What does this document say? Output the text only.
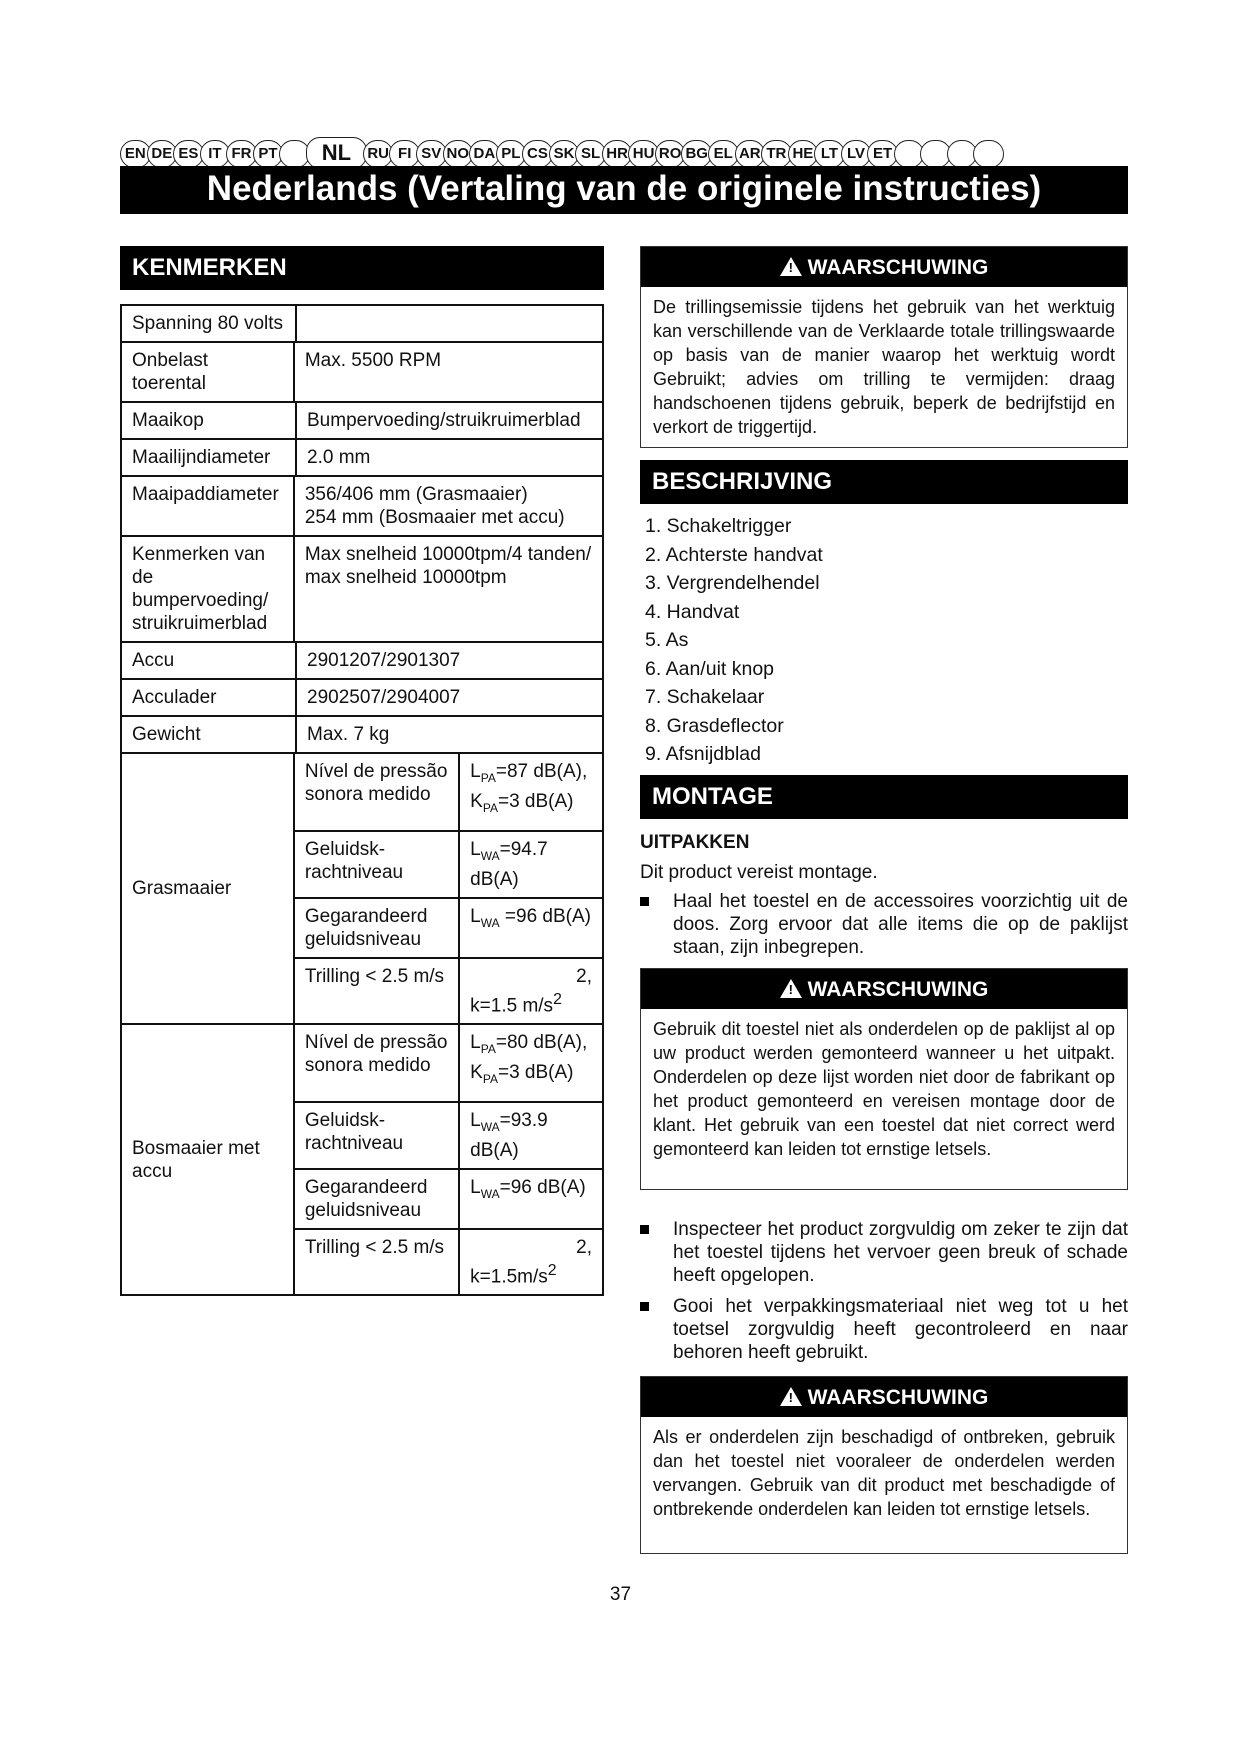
EN DE ES IT FR PT	NL	RU FI SV NO DA PL CS SK SL HR HU RO BG EL AR TR HE LT LV ET
Nederlands (Vertaling van de originele instructies)
KENMERKEN
Spanning 80 volts		

Onbelast toerental	Max. 5500 RPM	

Maaikop Bumpervoeding/struikruimerblad		

Maailijndiameter 2.0 mm		

Maaipaddiameter	356/406 mm (Grasmaaier)
254 mm (Bosmaaier met accu)	
Kenmerken van de bumpervoeding/ struikruimerblad	Max snelheid 10000tpm/4 tanden/
max snelheid 10000tpm	

Accu 2901207/2901307		

Acculader 2902507/2904007		

Gewicht Max. 7 kg		

Grasmaaier	Nível de pressão sonora medido	$L_{PA}=87$ dB(A),
$K_{PA}=3$ dB(A)
	Geluidsk-rachtniveau	$L_{WA}=94.7$ dB(A)
	Gegarandeerd geluidsniveau	$L_{WA} =96$ dB(A)
	Trilling < 2.5 m/s	2,

k=1.5 $m/s^2$

Bosmaaier met accu	Nível de pressão sonora medido	$L_{PA}=80$ dB(A),
$K_{PA}=3$ dB(A)
	Geluidsk-rachtniveau	$L_{WA}=93.9$ dB(A)
	Gegarandeerd geluidsniveau	$L_{WA}=96$ dB(A)
	Trilling < 2.5 m/s	2,

$k=1.5m/s^2$
! WAARSCHUWING
De trillingsemissie tijdens het gebruik van het werktuig kan verschillende van de Verklaarde totale trillingswaarde op basis van de manier waarop het werktuig wordt Gebruikt; advies om trilling te vermijden: draag handschoenen tijdens gebruik, beperk de bedrijfstijd en verkort de triggertijd.
BESCHRIJVING
1. Schakeltrigger
2. Achterste handvat
3. Vergrendelhendel
4. Handvat
5. As
6. Aan/uit knop
7. Schakelaar
8. Grasdeflector
9. Afsnijdblad
MONTAGE
UITPAKKEN
Dit product vereist montage.
Haal het toestel en de accessoires voorzichtig uit de doos. Zorg ervoor dat alle items die op de paklijst staan, zijn inbegrepen.
! WAARSCHUWING
Gebruik dit toestel niet als onderdelen op de paklijst al op uw product werden gemonteerd wanneer u het uitpakt. Onderdelen op deze lijst worden niet door de fabrikant op het product gemonteerd en vereisen montage door de klant. Het gebruik van een toestel dat niet correct werd gemonteerd kan leiden tot ernstige letsels.
Inspecteer het product zorgvuldig om zeker te zijn dat het toestel tijdens het vervoer geen breuk of schade heeft opgelopen.
Gooi het verpakkingsmateriaal niet weg tot u het toetsel zorgvuldig heeft gecontroleerd en naar behoren heeft gebruikt.
! WAARSCHUWING
Als er onderdelen zijn beschadigd of ontbreken, gebruik dan het toestel niet vooraleer de onderdelen werden vervangen. Gebruik van dit product met beschadigde of ontbrekende onderdelen kan leiden tot ernstige letsels.
37
